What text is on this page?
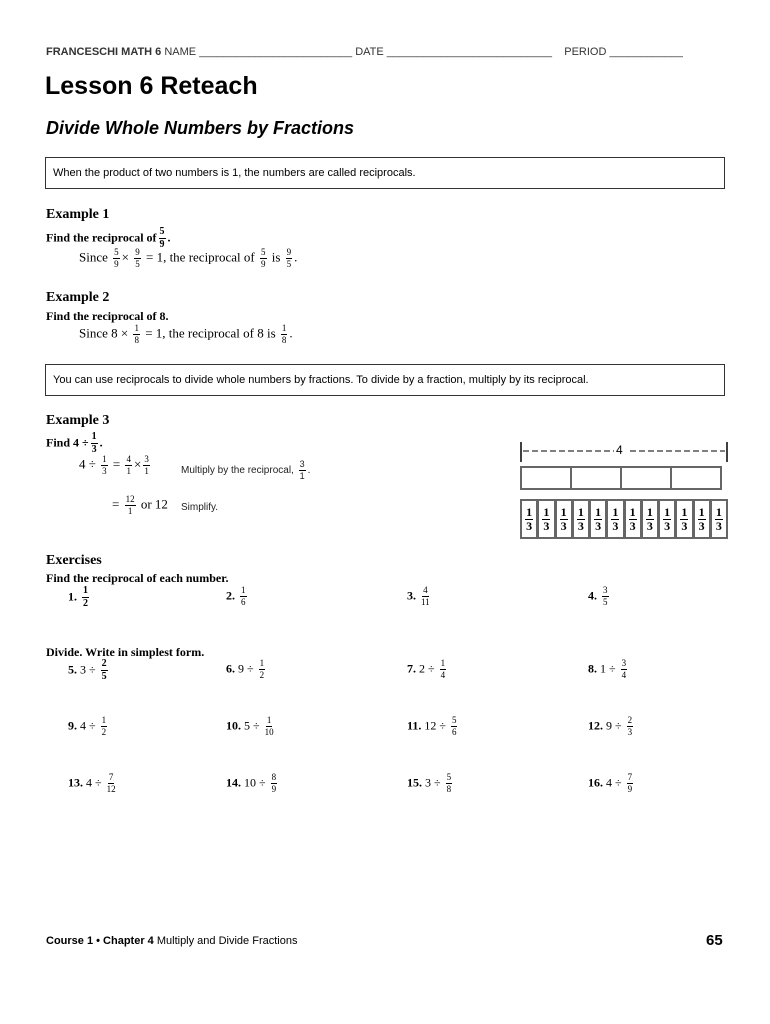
FRANCESCHI MATH 6 NAME _________________________ DATE ___________________________ PERIOD ____________
Lesson 6 Reteach
Divide Whole Numbers by Fractions
When the product of two numbers is 1, the numbers are called reciprocals.
Example 1
Find the reciprocal of $\frac{5}{9}$ .
Since $\frac{5}{9} \times \frac{9}{5} = 1$, the reciprocal of $\frac{5}{9}$ is $\frac{9}{5}$ .
Example 2
Find the reciprocal of 8.
Since $8 \times \frac{1}{8} = 1$, the reciprocal of 8 is $\frac{1}{8}$ .
You can use reciprocals to divide whole numbers by fractions. To divide by a fraction, multiply by its reciprocal.
Example 3
Find $4 \div \frac{1}{3}$ .
$4 \div \frac{1}{3} = \frac{4}{1} \times \frac{3}{1}$	Multiply by the reciprocal, $\frac{3}{1}$ .
= $\frac{12}{1}$ or 12 Simplify.
4
1
3
1
3
1
3
1
3
1
3
1
3
1
3
1
3
1
3
1
3
1
3
1
3
Exercises
Find the reciprocal of each number.
1. $\frac{1}{2}$	2. $\frac{1}{6}$	3. $\frac{4}{11}$	4. $\frac{3}{5}$
Divide. Write in simplest form.
5. $3 \div \frac{2}{5}$	6. $9 \div \frac{1}{2}$	7. $2 \div \frac{1}{4}$	8. $1 \div \frac{3}{4}$
9. $4 \div \frac{1}{2}$	10. $5 \div \frac{1}{10}$	11. $12 \div \frac{5}{6}$	12. $9 \div \frac{2}{3}$
13. $4 \div \frac{7}{12}$	14. $10 \div \frac{8}{9}$	15. $3 \div \frac{5}{8}$	16. $4 \div \frac{7}{9}$
Course 1 • Chapter 4 Multiply and Divide Fractions	65
